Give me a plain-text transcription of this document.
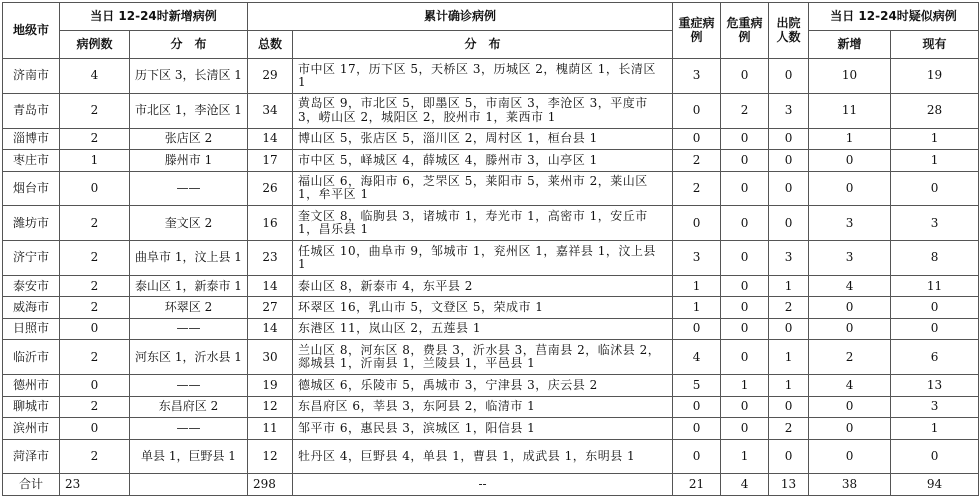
地级市	当日 12-24时新增病例		累计确诊病例		重症病例	危重病例	出院人数	当日 12-24时疑似病例	
	病例数	分　布	总数	分　布				新增	现有
济南市	4	历下区 3，长清区 1	29	市中区 17，历下区 5，天桥区 3，历城区 2，槐荫区 1，长清区 1	3	0	0	10	19
青岛市	2	市北区 1，李沧区 1	34	黄岛区 9，市北区 5，即墨区 5，市南区 3，李沧区 3，平度市 3，崂山区 2，城阳区 2，胶州市 1，莱西市 1	0	2	3	11	28
淄博市	2	张店区 2	14	博山区 5，张店区 5，淄川区 2，周村区 1，桓台县 1	0	0	0	1	1
枣庄市	1	滕州市 1	17	市中区 5，峄城区 4，薛城区 4，滕州市 3，山亭区 1	2	0	0	0	1
烟台市	0	——	26	福山区 6，海阳市 6，芝罘区 5，莱阳市 5，莱州市 2，莱山区 1，牟平区 1	2	0	0	0	0
潍坊市	2	奎文区 2	16	奎文区 8，临朐县 3，诸城市 1，寿光市 1，高密市 1，安丘市 1，昌乐县 1	0	0	0	3	3
济宁市	2	曲阜市 1，汶上县 1	23	任城区 10，曲阜市 9，邹城市 1，兖州区 1，嘉祥县 1，汶上县 1	3	0	3	3	8
泰安市	2	泰山区 1，新泰市 1	14	泰山区 8，新泰市 4，东平县 2	1	0	1	4	11
威海市	2	环翠区 2	27	环翠区 16，乳山市 5，文登区 5，荣成市 1	1	0	2	0	0
日照市	0	——	14	东港区 11，岚山区 2，五莲县 1	0	0	0	0	0
临沂市	2	河东区 1，沂水县 1	30	兰山区 8，河东区 8，费县 3，沂水县 3，莒南县 2，临沭县 2，郯城县 1，沂南县 1，兰陵县 1，平邑县 1	4	0	1	2	6
德州市	0	——	19	德城区 6，乐陵市 5，禹城市 3，宁津县 3，庆云县 2	5	1	1	4	13
聊城市	2	东昌府区 2	12	东昌府区 6，莘县 3，东阿县 2，临清市 1	0	0	0	0	3
滨州市	0	——	11	邹平市 6，惠民县 3，滨城区 1，阳信县 1	0	0	2	0	1
菏泽市	2	单县 1，巨野县 1	12	牡丹区 4，巨野县 4，单县 1，曹县 1，成武县 1，东明县 1	0	1	0	0	0
合计	23		298	--	21	4	13	38	94
